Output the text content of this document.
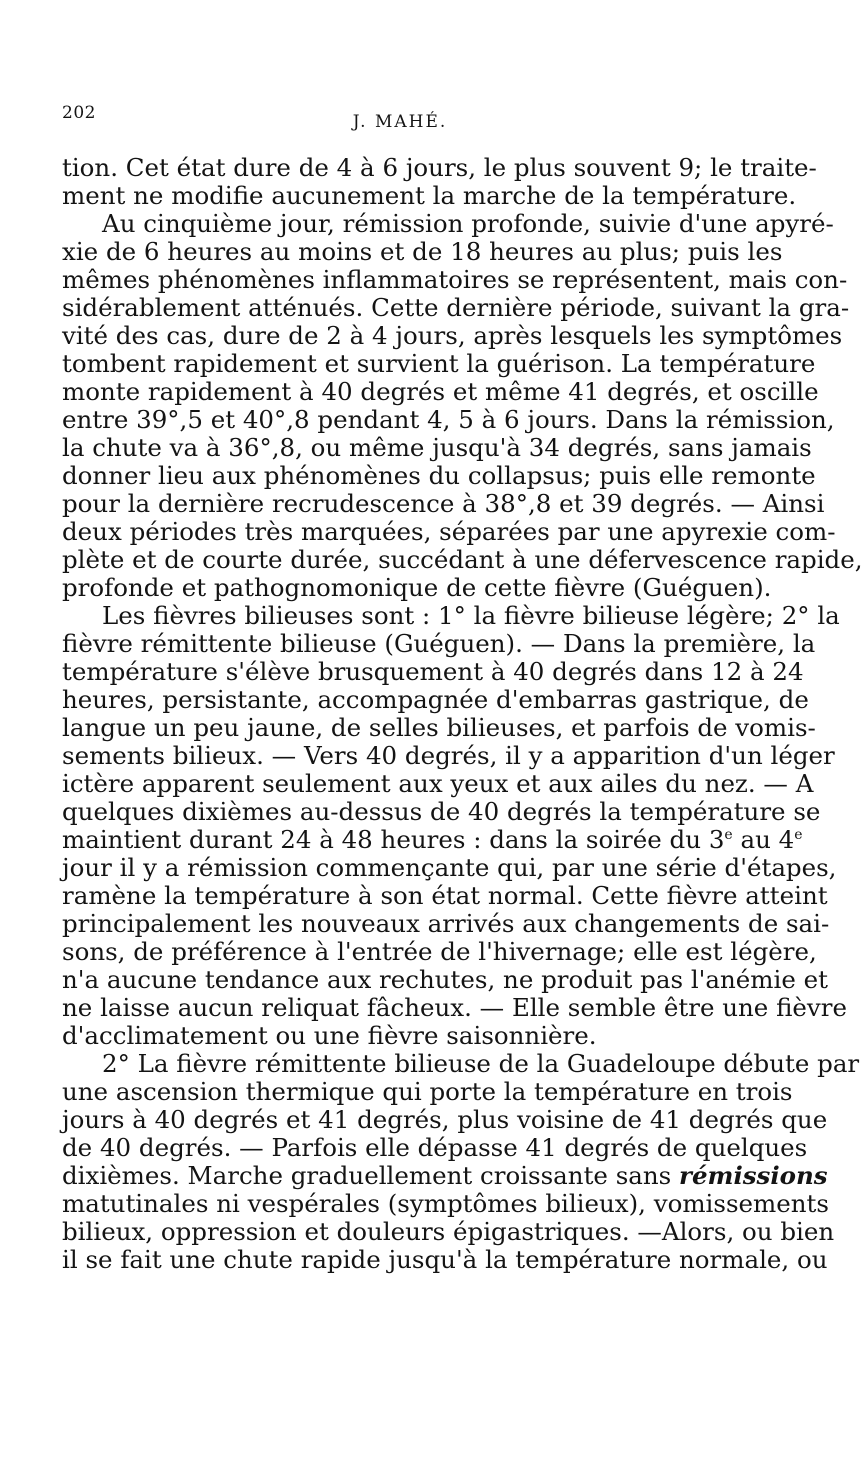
202	J. MAHÉ.
tion. Cet état dure de 4 à 6 jours, le plus souvent 9; le traite-
ment ne modifie aucunement la marche de la température.
Au cinquième jour, rémission profonde, suivie d'une apyré-
xie de 6 heures au moins et de 18 heures au plus; puis les
mêmes phénomènes inflammatoires se représentent, mais con-
sidérablement atténués. Cette dernière période, suivant la gra-
vité des cas, dure de 2 à 4 jours, après lesquels les symptômes
tombent rapidement et survient la guérison. La température
monte rapidement à 40 degrés et même 41 degrés, et oscille
entre 39°,5 et 40°,8 pendant 4, 5 à 6 jours. Dans la rémission,
la chute va à 36°,8, ou même jusqu'à 34 degrés, sans jamais
donner lieu aux phénomènes du collapsus; puis elle remonte
pour la dernière recrudescence à 38°,8 et 39 degrés. — Ainsi
deux périodes très marquées, séparées par une apyrexie com-
plète et de courte durée, succédant à une défervescence rapide,
profonde et pathognomonique de cette fièvre (Guéguen).
Les fièvres bilieuses sont : 1° la fièvre bilieuse légère; 2° la
fièvre rémittente bilieuse (Guéguen). — Dans la première, la
température s'élève brusquement à 40 degrés dans 12 à 24
heures, persistante, accompagnée d'embarras gastrique, de
langue un peu jaune, de selles bilieuses, et parfois de vomis-
sements bilieux. — Vers 40 degrés, il y a apparition d'un léger
ictère apparent seulement aux yeux et aux ailes du nez. — A
quelques dixièmes au-dessus de 40 degrés la température se
maintient durant 24 à 48 heures : dans la soirée du 3e au 4e
jour il y a rémission commençante qui, par une série d'étapes,
ramène la température à son état normal. Cette fièvre atteint
principalement les nouveaux arrivés aux changements de sai-
sons, de préférence à l'entrée de l'hivernage; elle est légère,
n'a aucune tendance aux rechutes, ne produit pas l'anémie et
ne laisse aucun reliquat fâcheux. — Elle semble être une fièvre
d'acclimatement ou une fièvre saisonnière.
2° La fièvre rémittente bilieuse de la Guadeloupe débute par
une ascension thermique qui porte la température en trois
jours à 40 degrés et 41 degrés, plus voisine de 41 degrés que
de 40 degrés. — Parfois elle dépasse 41 degrés de quelques
dixièmes. Marche graduellement croissante sans rémissions
matutinales ni vespérales (symptômes bilieux), vomissements
bilieux, oppression et douleurs épigastriques. —Alors, ou bien
il se fait une chute rapide jusqu'à la température normale, ou
